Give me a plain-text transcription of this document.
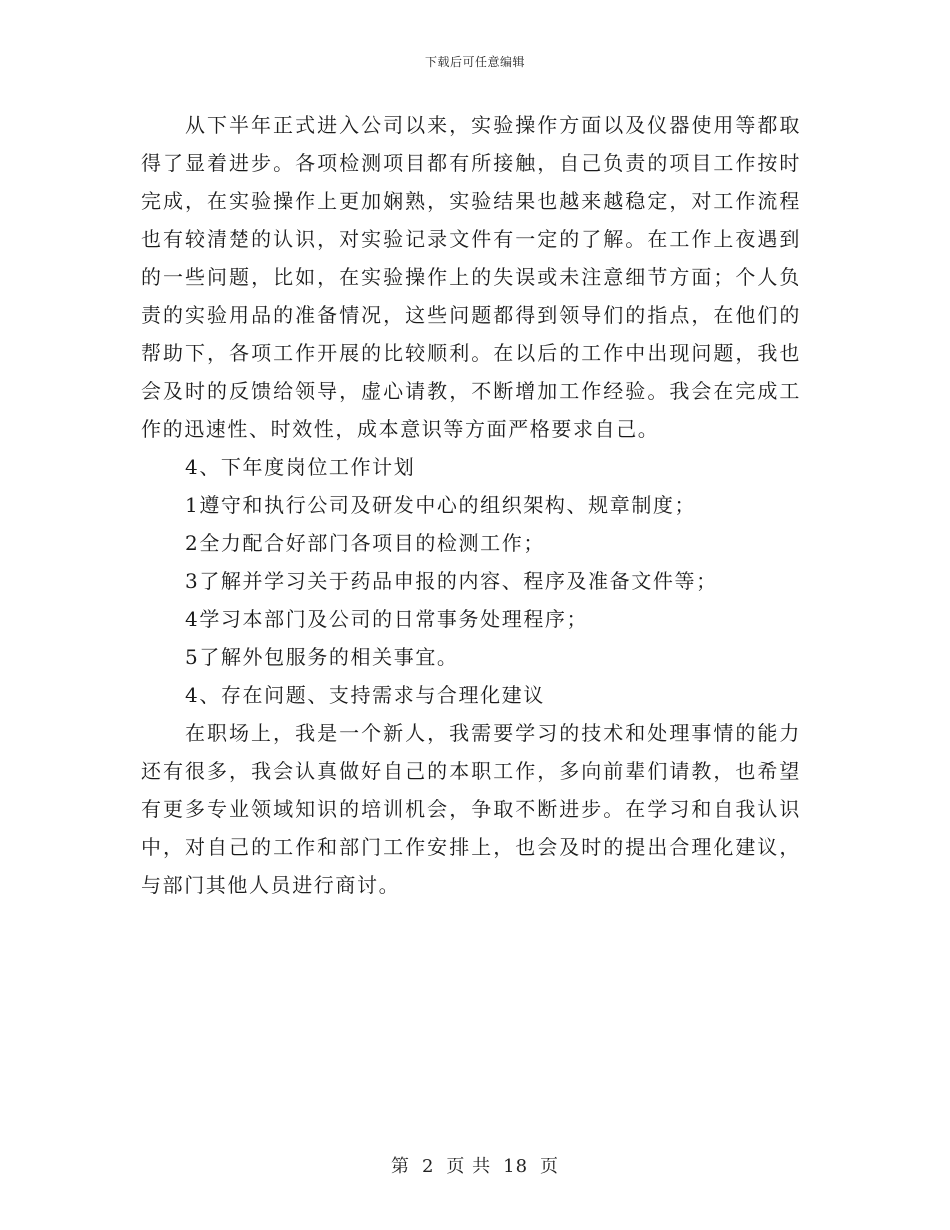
下载后可任意编辑

从下半年正式进入公司以来，实验操作方面以及仪器使用等都取得了显着进步。各项检测项目都有所接触，自己负责的项目工作按时完成，在实验操作上更加娴熟，实验结果也越来越稳定，对工作流程也有较清楚的认识，对实验记录文件有一定的了解。在工作上夜遇到的一些问题，比如，在实验操作上的失误或未注意细节方面；个人负责的实验用品的准备情况，这些问题都得到领导们的指点，在他们的帮助下，各项工作开展的比较顺利。在以后的工作中出现问题，我也会及时的反馈给领导，虚心请教，不断增加工作经验。我会在完成工作的迅速性、时效性，成本意识等方面严格要求自己。

4、下年度岗位工作计划

1遵守和执行公司及研发中心的组织架构、规章制度；

2全力配合好部门各项目的检测工作；

3了解并学习关于药品申报的内容、程序及准备文件等；

4学习本部门及公司的日常事务处理程序；

5了解外包服务的相关事宜。

4、存在问题、支持需求与合理化建议

在职场上，我是一个新人，我需要学习的技术和处理事情的能力还有很多，我会认真做好自己的本职工作，多向前辈们请教，也希望有更多专业领域知识的培训机会，争取不断进步。在学习和自我认识中，对自己的工作和部门工作安排上，也会及时的提出合理化建议，与部门其他人员进行商讨。

第 2 页 共 18 页
